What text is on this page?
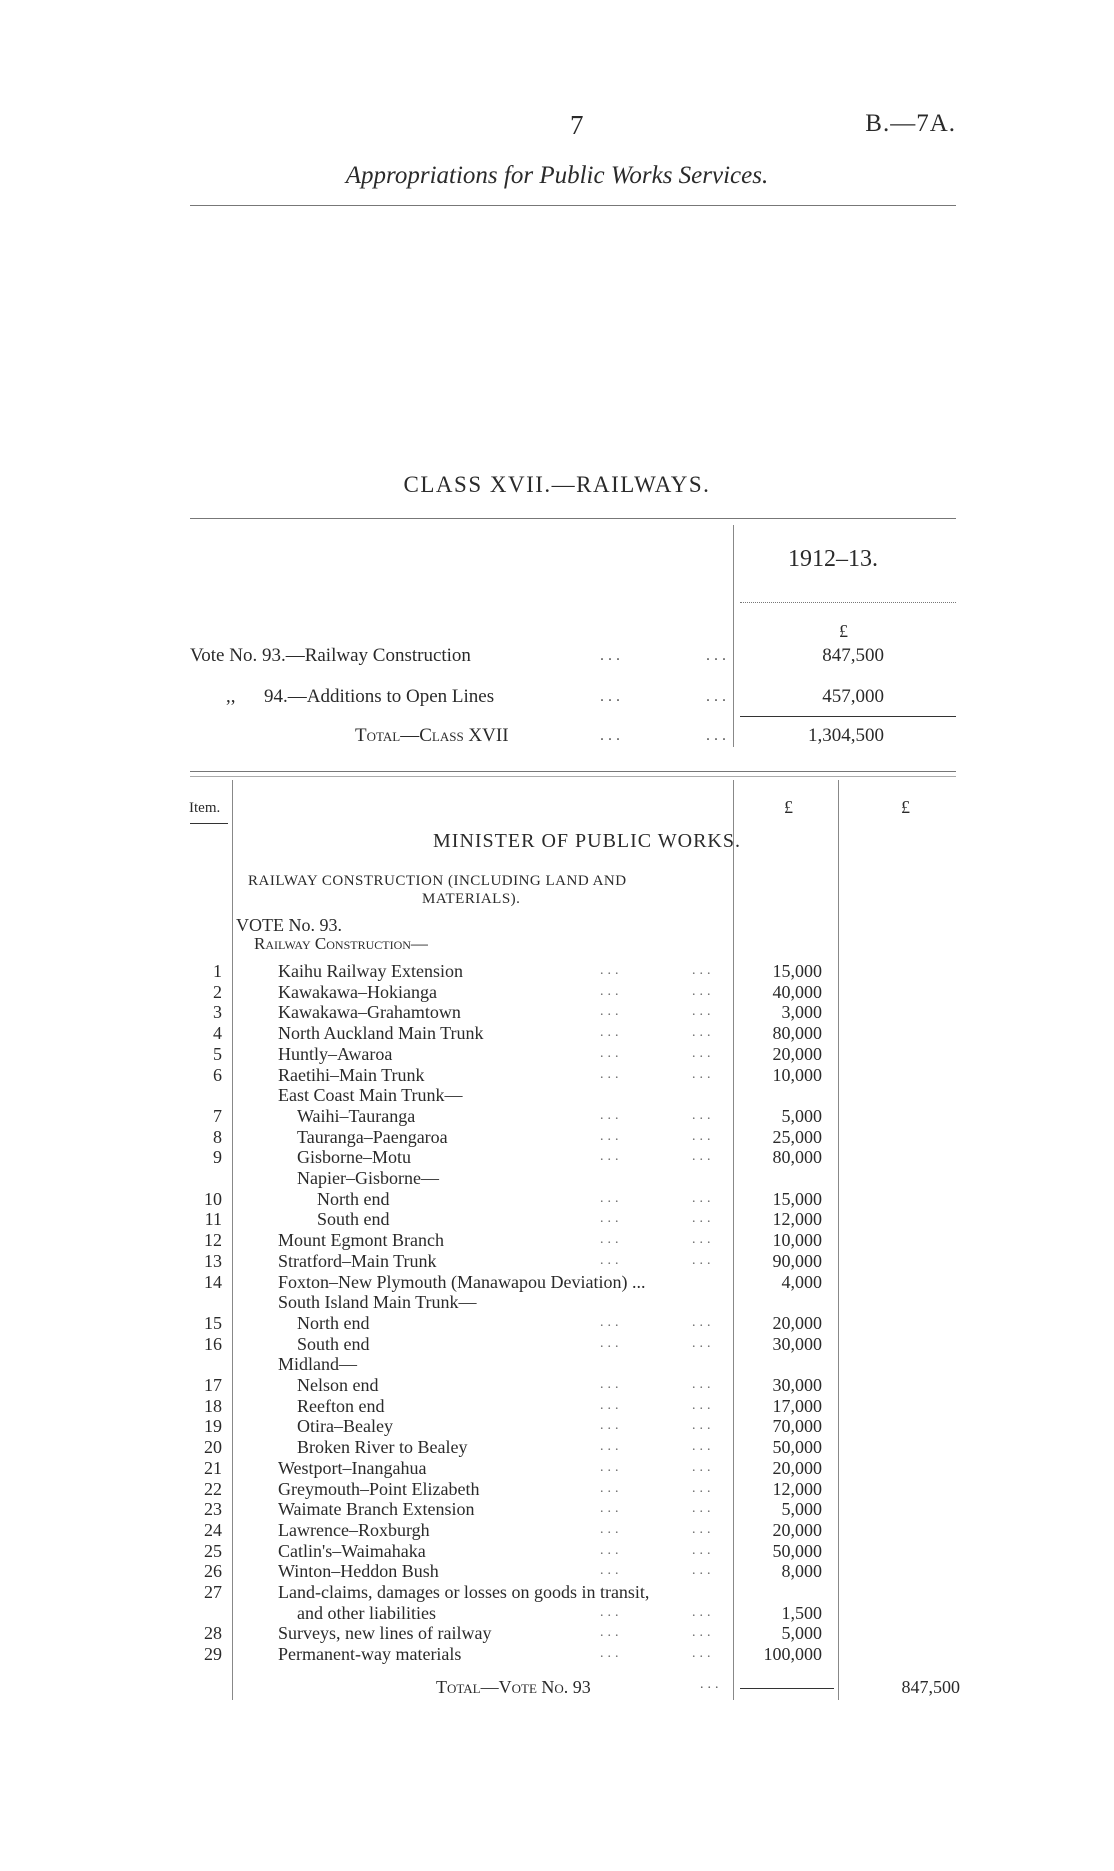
7	B.—7A.
Appropriations for Public Works Services.
CLASS XVII.—RAILWAYS.
1912–13.
£
Vote No. 93.—Railway Construction	...	...	847,500
,,      94.—Additions to Open Lines	...	...	457,000
Total—Class XVII	...	...	1,304,500
Item.	£	£
MINISTER OF PUBLIC WORKS.
RAILWAY CONSTRUCTION (INCLUDING LAND AND
MATERIALS).
VOTE No. 93.
Railway Construction—
1	Kaihu Railway Extension	...	...	15,000
2	Kawakawa–Hokianga	...	...	40,000
3	Kawakawa–Grahamtown	...	...	3,000
4	North Auckland Main Trunk	...	...	80,000
5	Huntly–Awaroa	...	...	20,000
6	Raetihi–Main Trunk	...	...	10,000
East Coast Main Trunk—
7	Waihi–Tauranga	...	...	5,000
8	Tauranga–Paengaroa	...	...	25,000
9	Gisborne–Motu	...	...	80,000
Napier–Gisborne—
10	North end	...	...	15,000
11	South end	...	...	12,000
12	Mount Egmont Branch	...	...	10,000
13	Stratford–Main Trunk	...	...	90,000
14	Foxton–New Plymouth (Manawapou Deviation) ...	4,000
South Island Main Trunk—
15	North end	...	...	20,000
16	South end	...	...	30,000
Midland—
17	Nelson end	...	...	30,000
18	Reefton end	...	...	17,000
19	Otira–Bealey	...	...	70,000
20	Broken River to Bealey	...	...	50,000
21	Westport–Inangahua	...	...	20,000
22	Greymouth–Point Elizabeth	...	...	12,000
23	Waimate Branch Extension	...	...	5,000
24	Lawrence–Roxburgh	...	...	20,000
25	Catlin's–Waimahaka	...	...	50,000
26	Winton–Heddon Bush	...	...	8,000
27	Land-claims, damages or losses on goods in transit,
and other liabilities	...	...	1,500
28	Surveys, new lines of railway	...	...	5,000
29	Permanent-way materials	...	...	100,000
Total—Vote No. 93	...	847,500
